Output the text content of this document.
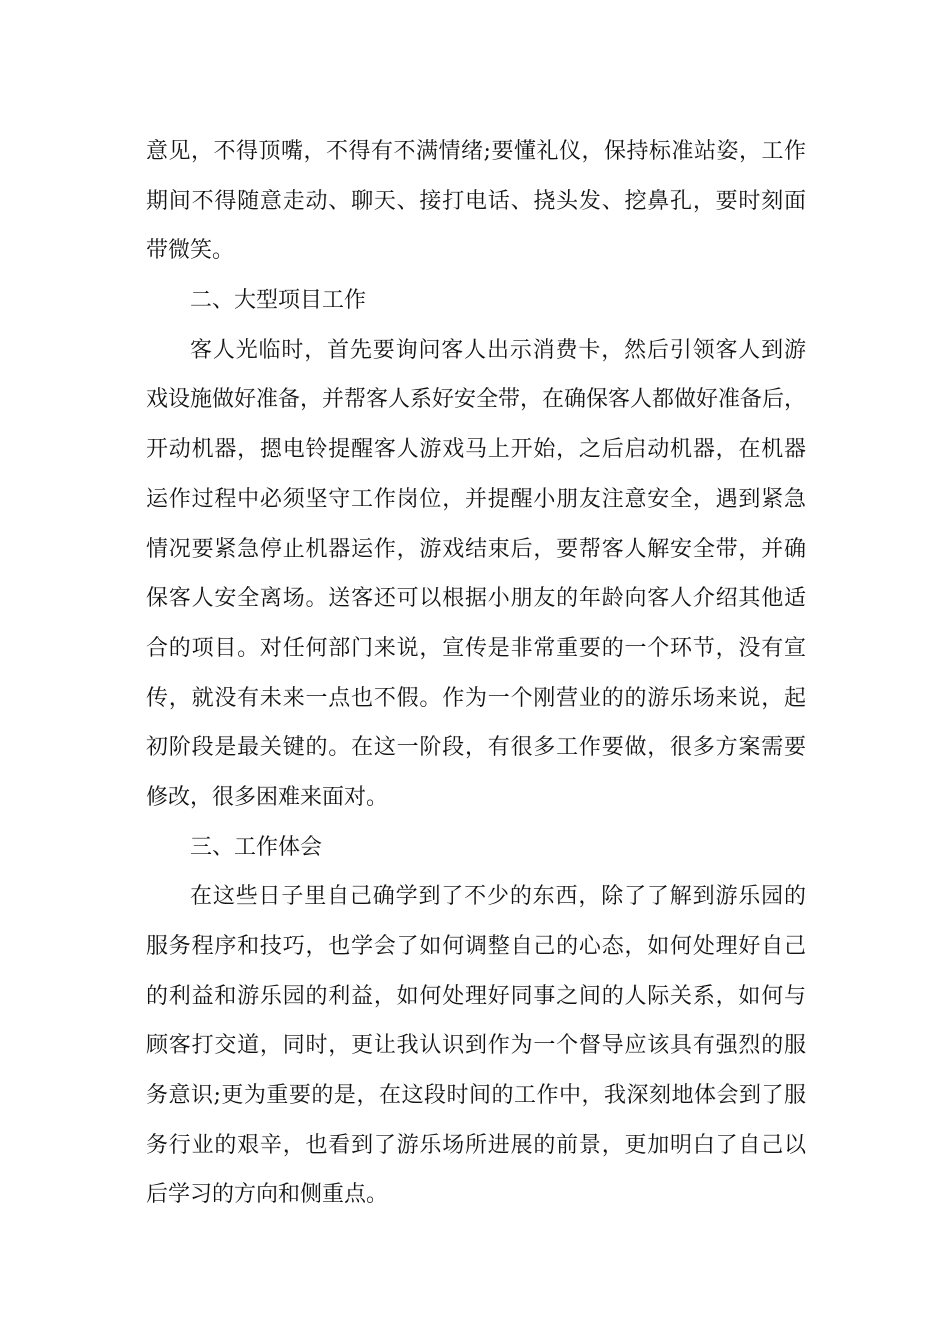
意见，不得顶嘴，不得有不满情绪;要懂礼仪，保持标准站姿，工作
期间不得随意走动、聊天、接打电话、挠头发、挖鼻孔，要时刻面
带微笑。
二、大型项目工作
客人光临时，首先要询问客人出示消费卡，然后引领客人到游
戏设施做好准备，并帮客人系好安全带，在确保客人都做好准备后，
开动机器，摁电铃提醒客人游戏马上开始，之后启动机器，在机器
运作过程中必须坚守工作岗位，并提醒小朋友注意安全，遇到紧急
情况要紧急停止机器运作，游戏结束后，要帮客人解安全带，并确
保客人安全离场。送客还可以根据小朋友的年龄向客人介绍其他适
合的项目。对任何部门来说，宣传是非常重要的一个环节，没有宣
传，就没有未来一点也不假。作为一个刚营业的的游乐场来说，起
初阶段是最关键的。在这一阶段，有很多工作要做，很多方案需要
修改，很多困难来面对。
三、工作体会
在这些日子里自己确学到了不少的东西，除了了解到游乐园的
服务程序和技巧，也学会了如何调整自己的心态，如何处理好自己
的利益和游乐园的利益，如何处理好同事之间的人际关系，如何与
顾客打交道，同时，更让我认识到作为一个督导应该具有强烈的服
务意识;更为重要的是，在这段时间的工作中，我深刻地体会到了服
务行业的艰辛，也看到了游乐场所进展的前景，更加明白了自己以
后学习的方向和侧重点。
